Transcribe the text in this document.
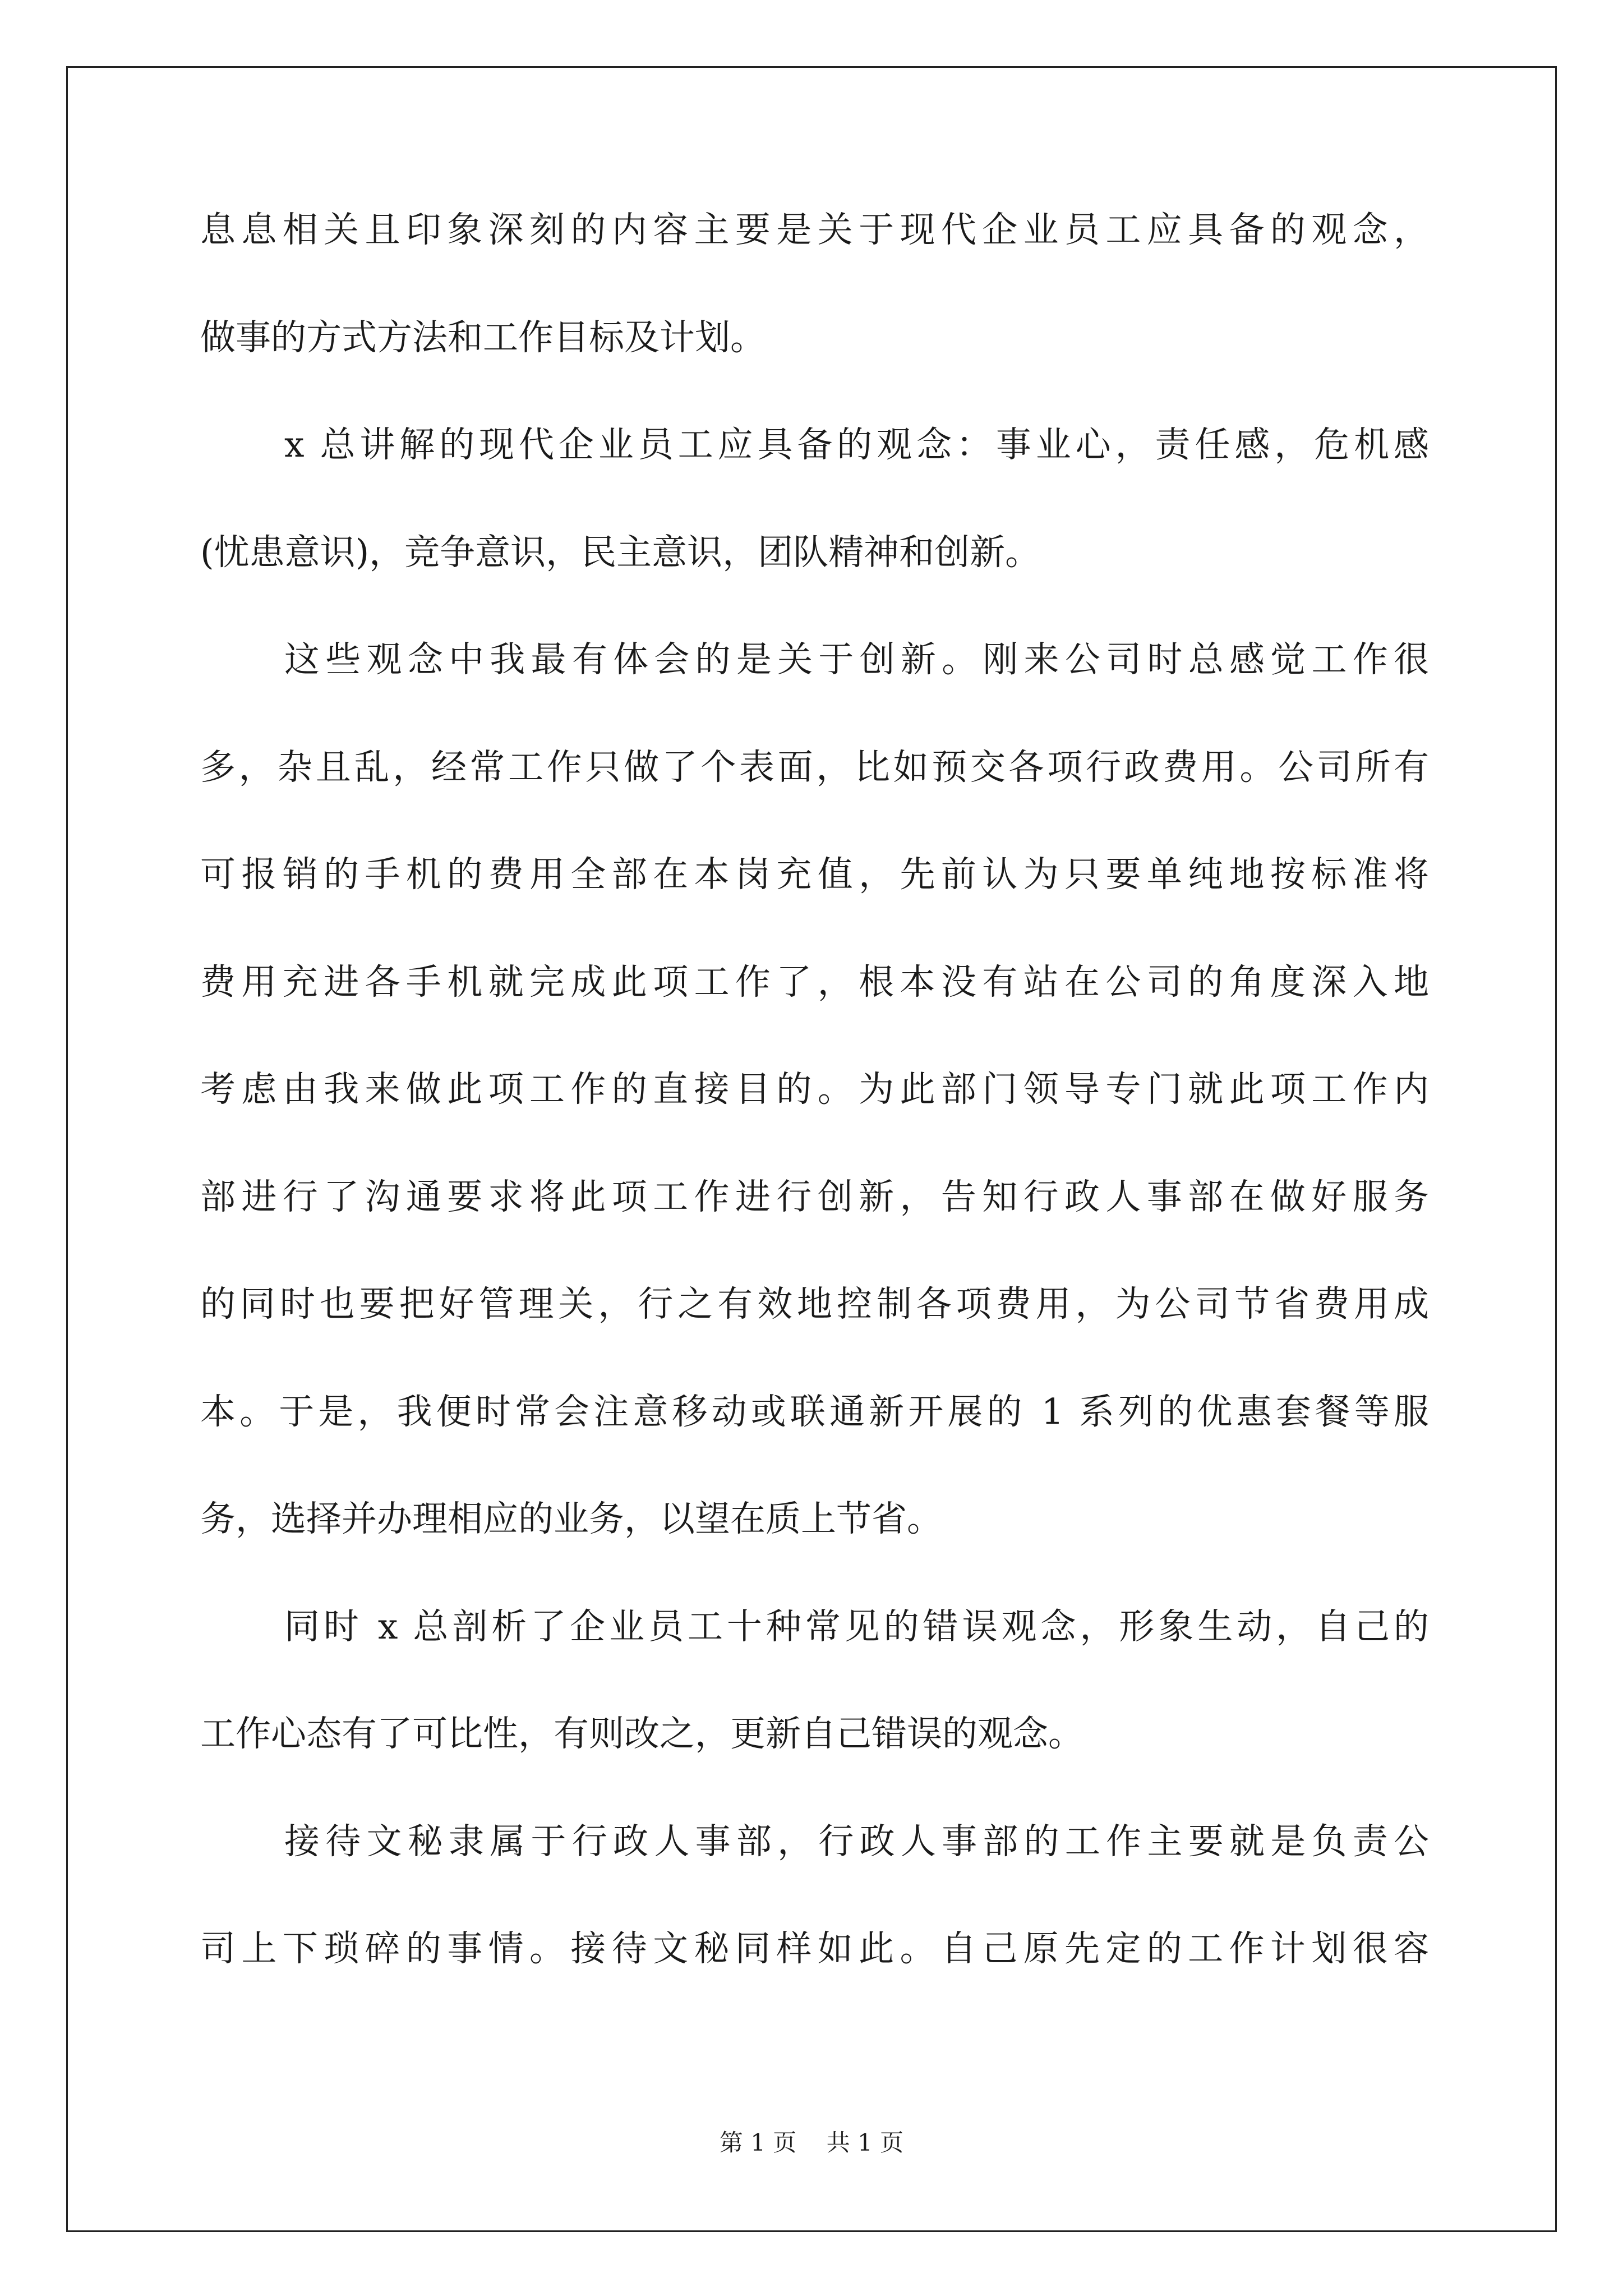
息息相关且印象深刻的内容主要是关于现代企业员工应具备的观念，
做事的方式方法和工作目标及计划。
x 总讲解的现代企业员工应具备的观念：事业心，责任感，危机感
(忧患意识)，竞争意识，民主意识，团队精神和创新。
这些观念中我最有体会的是关于创新。刚来公司时总感觉工作很
多，杂且乱，经常工作只做了个表面，比如预交各项行政费用。公司所有
可报销的手机的费用全部在本岗充值，先前认为只要单纯地按标准将
费用充进各手机就完成此项工作了，根本没有站在公司的角度深入地
考虑由我来做此项工作的直接目的。为此部门领导专门就此项工作内
部进行了沟通要求将此项工作进行创新，告知行政人事部在做好服务
的同时也要把好管理关，行之有效地控制各项费用，为公司节省费用成
本。于是，我便时常会注意移动或联通新开展的 1 系列的优惠套餐等服
务，选择并办理相应的业务，以望在质上节省。
同时 x 总剖析了企业员工十种常见的错误观念，形象生动，自己的
工作心态有了可比性，有则改之，更新自己错误的观念。
接待文秘隶属于行政人事部，行政人事部的工作主要就是负责公
司上下琐碎的事情。接待文秘同样如此。自己原先定的工作计划很容
第 1 页    共 1 页
